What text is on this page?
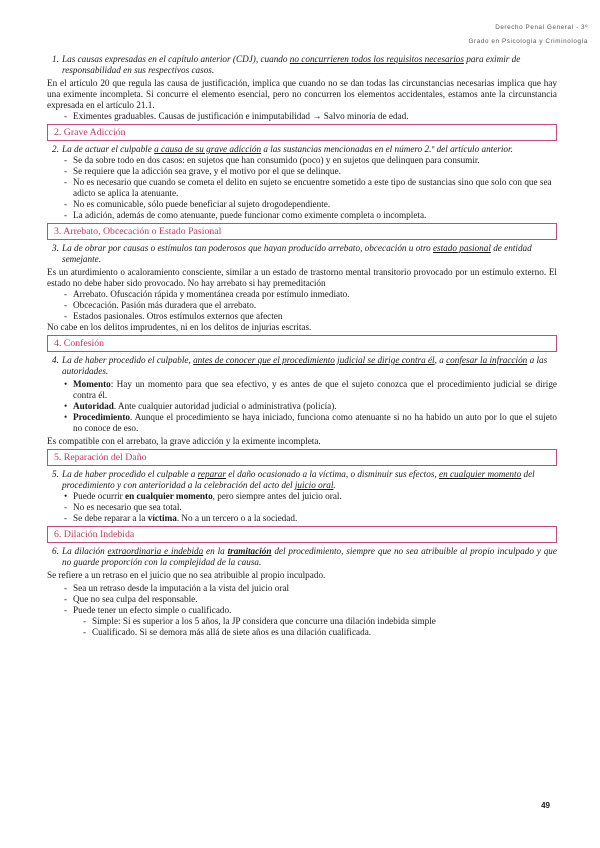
Derecho Penal General - 3º
Grado en Psicología y Criminología

1. Las causas expresadas en el capítulo anterior (CDJ), cuando no concurrieren todos los requisitos necesarios para eximir de responsabilidad en sus respectivos casos.

En el artículo 20 que regula las causa de justificación, implica que cuando no se dan todas las circunstancias necesarias implica que hay una eximente incompleta. Si concurre el elemento esencial, pero no concurren los elementos accidentales, estamos ante la circunstancia expresada en el artículo 21.1.

- Eximentes graduables. Causas de justificación e inimputabilidad → Salvo minoría de edad.
2. Grave Adicción

2. La de actuar el culpable a causa de su grave adicción a las sustancias mencionadas en el número 2.º del artículo anterior.

- Se da sobre todo en dos casos: en sujetos que han consumido (poco) y en sujetos que delinquen para consumir.
- Se requiere que la adicción sea grave, y el motivo por el que se delinque.
- No es necesario que cuando se cometa el delito en sujeto se encuentre sometido a este tipo de sustancias sino que solo con que sea adicto se aplica la atenuante.
- No es comunicable, sólo puede beneficiar al sujeto drogodependiente.
- La adición, además de como atenuante, puede funcionar como eximente completa o incompleta.
3. Arrebato, Obcecación o Estado Pasional

3. La de obrar por causas o estímulos tan poderosos que hayan producido arrebato, obcecación u otro estado pasional de entidad semejante.

Es un aturdimiento o acaloramiento consciente, similar a un estado de trastorno mental transitorio provocado por un estímulo externo. El estado no debe haber sido provocado. No hay arrebato si hay premeditación

- Arrebato. Ofuscación rápida y momentánea creada por estímulo inmediato.
- Obcecación. Pasión más duradera que el arrebato.
- Estados pasionales. Otros estímulos externos que afecten

No cabe en los delitos imprudentes, ni en los delitos de injurias escritas.

4. Confesión

4. La de haber procedido el culpable, antes de conocer que el procedimiento judicial se dirige contra él, a confesar la infracción a las autoridades.

• Momento: Hay un momento para que sea efectivo, y es antes de que el sujeto conozca que el procedimiento judicial se dirige contra él.
• Autoridad. Ante cualquier autoridad judicial o administrativa (policía).
• Procedimiento. Aunque el procedimiento se haya iniciado, funciona como atenuante si no ha habido un auto por lo que el sujeto no conoce de eso.

Es compatible con el arrebato, la grave adicción y la eximente incompleta.

5. Reparación del Daño

5. La de haber procedido el culpable a reparar el daño ocasionado a la víctima, o disminuir sus efectos, en cualquier momento del procedimiento y con anterioridad a la celebración del acto del juicio oral.

• Puede ocurrir en cualquier momento, pero siempre antes del juicio oral.
- No es necesario que sea total.
- Se debe reparar a la víctima. No a un tercero o a la sociedad.
6. Dilación Indebida

6. La dilación extraordinaria e indebida en la tramitación del procedimiento, siempre que no sea atribuible al propio inculpado y que no guarde proporción con la complejidad de la causa.

Se refiere a un retraso en el juicio que no sea atribuible al propio inculpado.

- Sea un retraso desde la imputación a la vista del juicio oral
- Que no sea culpa del responsable.
- Puede tener un efecto simple o cualificado.
- Simple: Si es superior a los 5 años, la JP considera que concurre una dilación indebida simple
- Cualificado. Si se demora más allá de siete años es una dilación cualificada.
49
